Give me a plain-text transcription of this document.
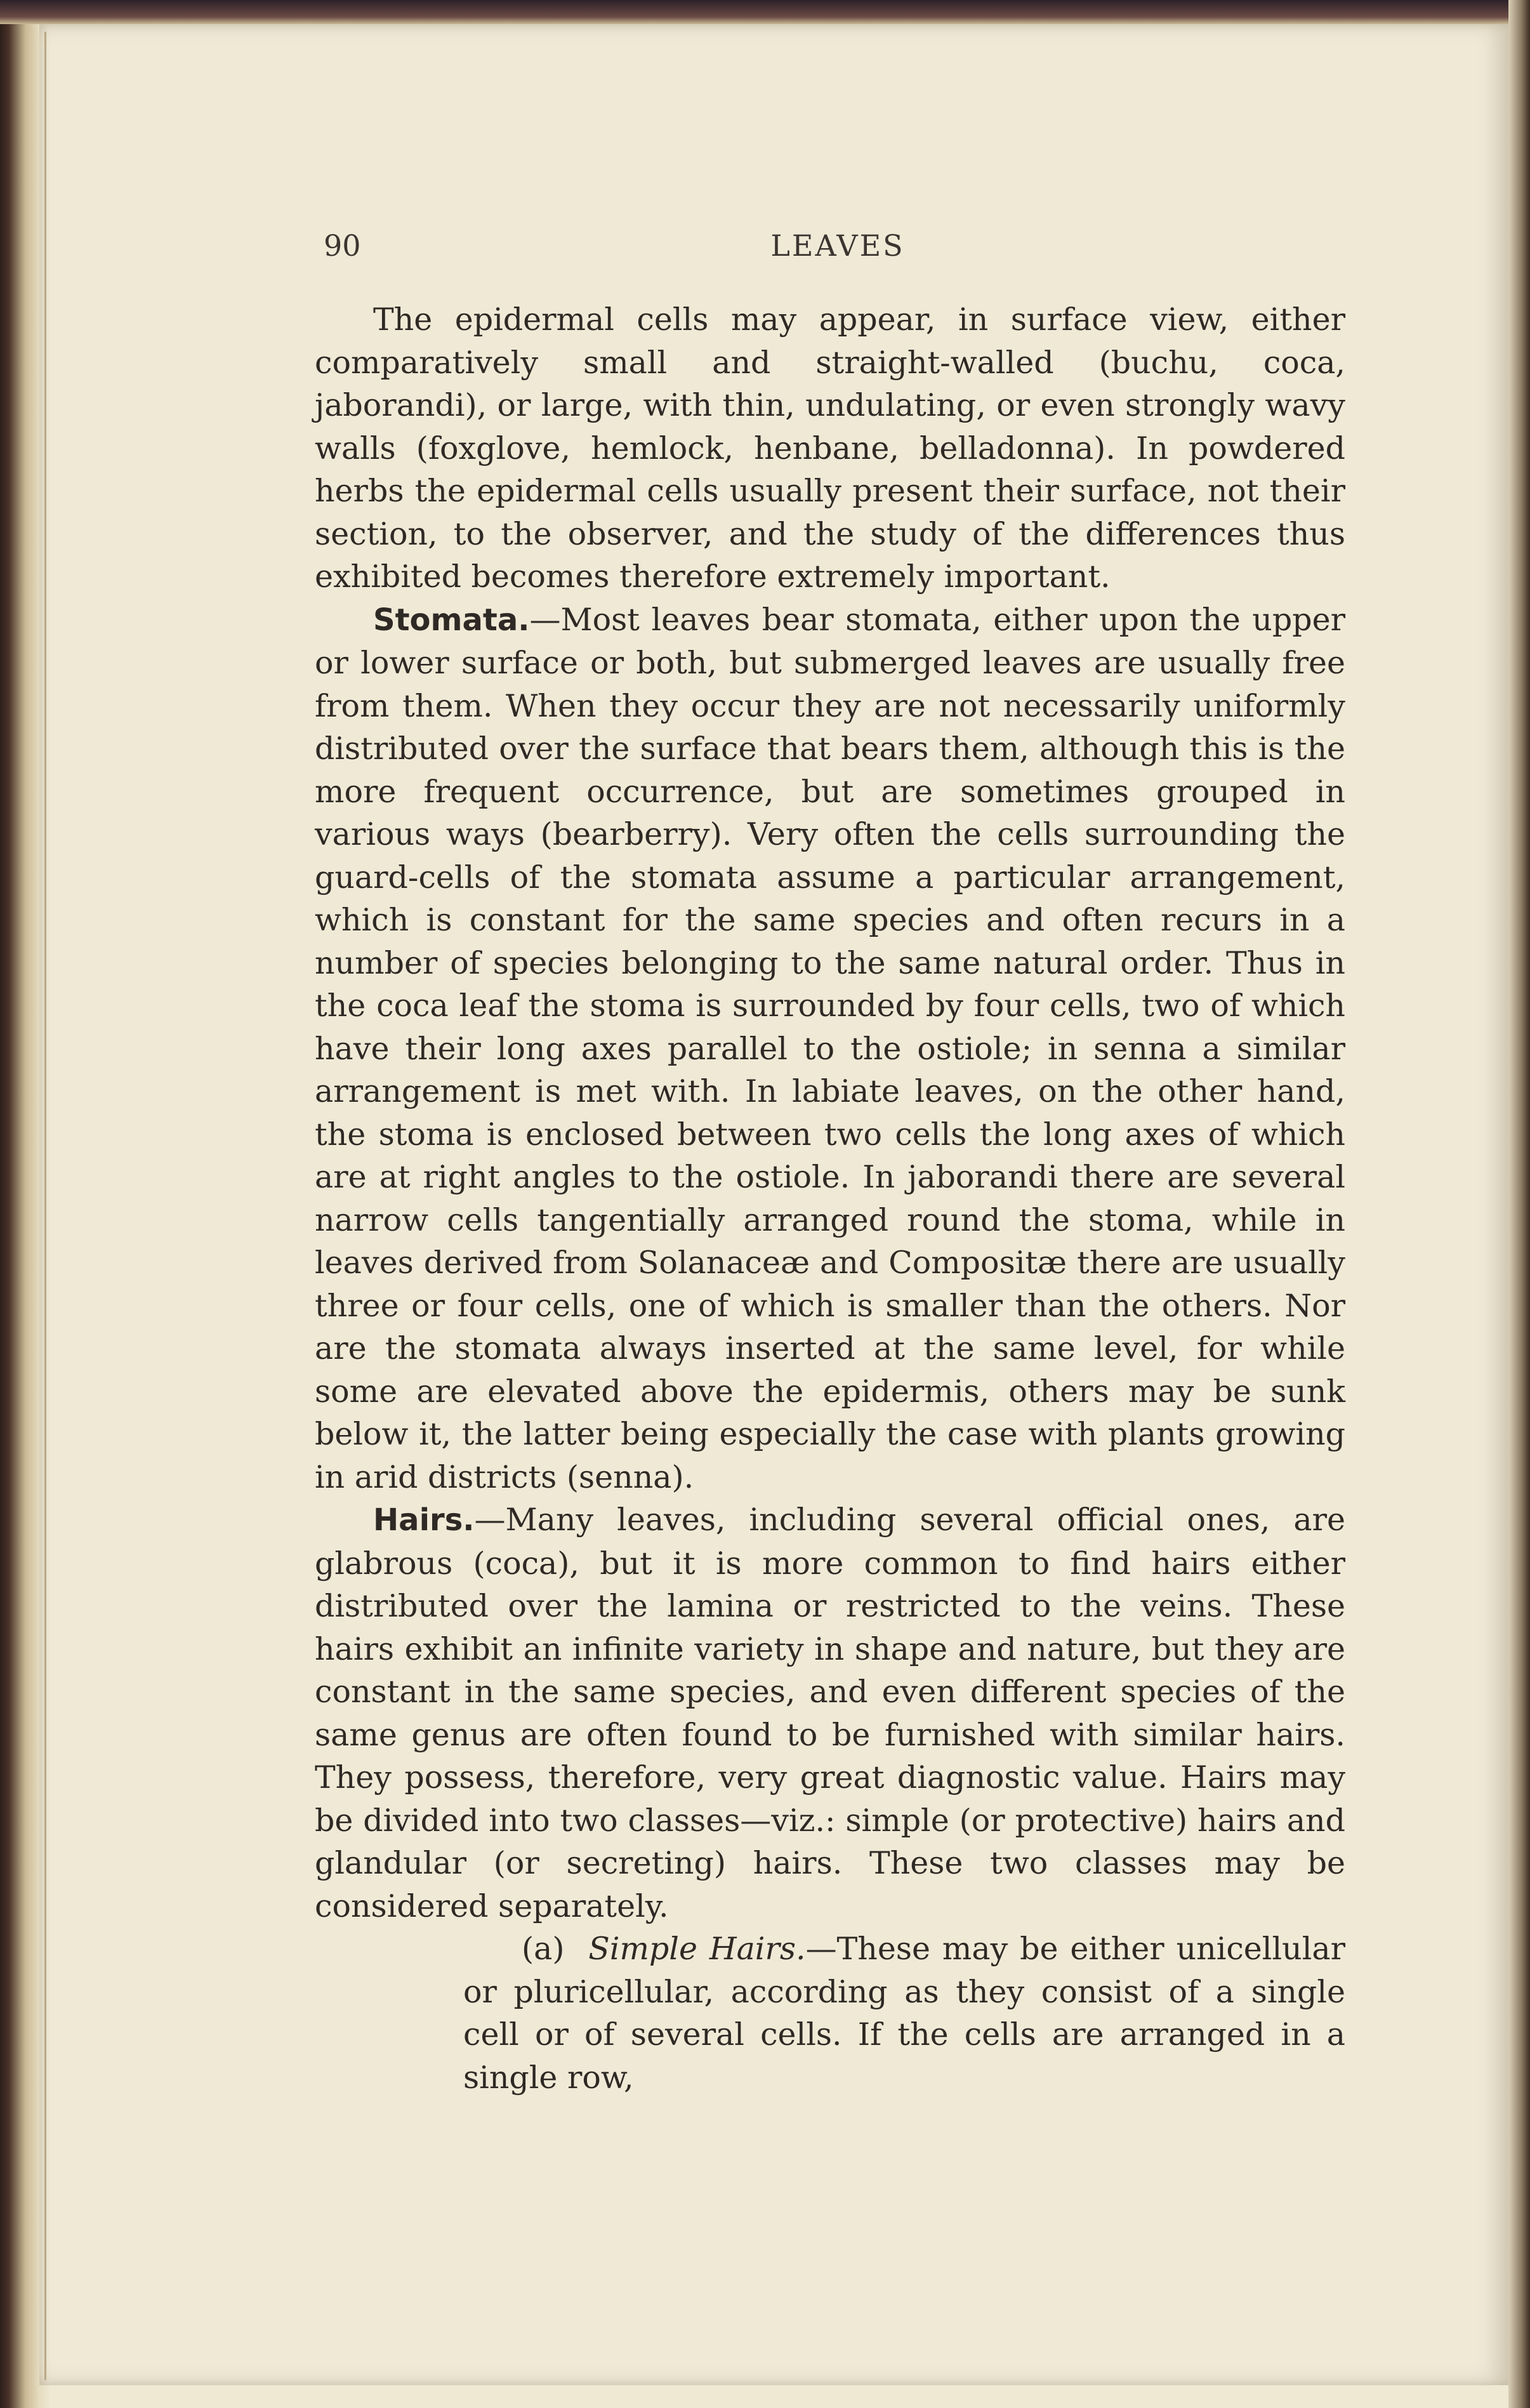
90	LEAVES

The epidermal cells may appear, in surface view, either comparatively small and straight-walled (buchu, coca, jaborandi), or large, with thin, undulating, or even strongly wavy walls (foxglove, hemlock, henbane, belladonna). In powdered herbs the epidermal cells usually present their surface, not their section, to the observer, and the study of the differences thus exhibited becomes therefore extremely important.

Stomata.—Most leaves bear stomata, either upon the upper or lower surface or both, but submerged leaves are usually free from them. When they occur they are not necessarily uniformly distributed over the surface that bears them, although this is the more frequent occurrence, but are sometimes grouped in various ways (bearberry). Very often the cells surrounding the guard-cells of the stomata assume a particular arrangement, which is constant for the same species and often recurs in a number of species belonging to the same natural order. Thus in the coca leaf the stoma is surrounded by four cells, two of which have their long axes parallel to the ostiole; in senna a similar arrangement is met with. In labiate leaves, on the other hand, the stoma is enclosed between two cells the long axes of which are at right angles to the ostiole. In jaborandi there are several narrow cells tangentially arranged round the stoma, while in leaves derived from Solanaceæ and Compositæ there are usually three or four cells, one of which is smaller than the others. Nor are the stomata always inserted at the same level, for while some are elevated above the epidermis, others may be sunk below it, the latter being especially the case with plants growing in arid districts (senna).

Hairs.—Many leaves, including several official ones, are glabrous (coca), but it is more common to find hairs either distributed over the lamina or restricted to the veins. These hairs exhibit an infinite variety in shape and nature, but they are constant in the same species, and even different species of the same genus are often found to be furnished with similar hairs. They possess, therefore, very great diagnostic value. Hairs may be divided into two classes—viz.: simple (or protective) hairs and glandular (or secreting) hairs. These two classes may be considered separately.

(a) Simple Hairs.—These may be either unicellular or pluricellular, according as they consist of a single cell or of several cells. If the cells are arranged in a single row,
